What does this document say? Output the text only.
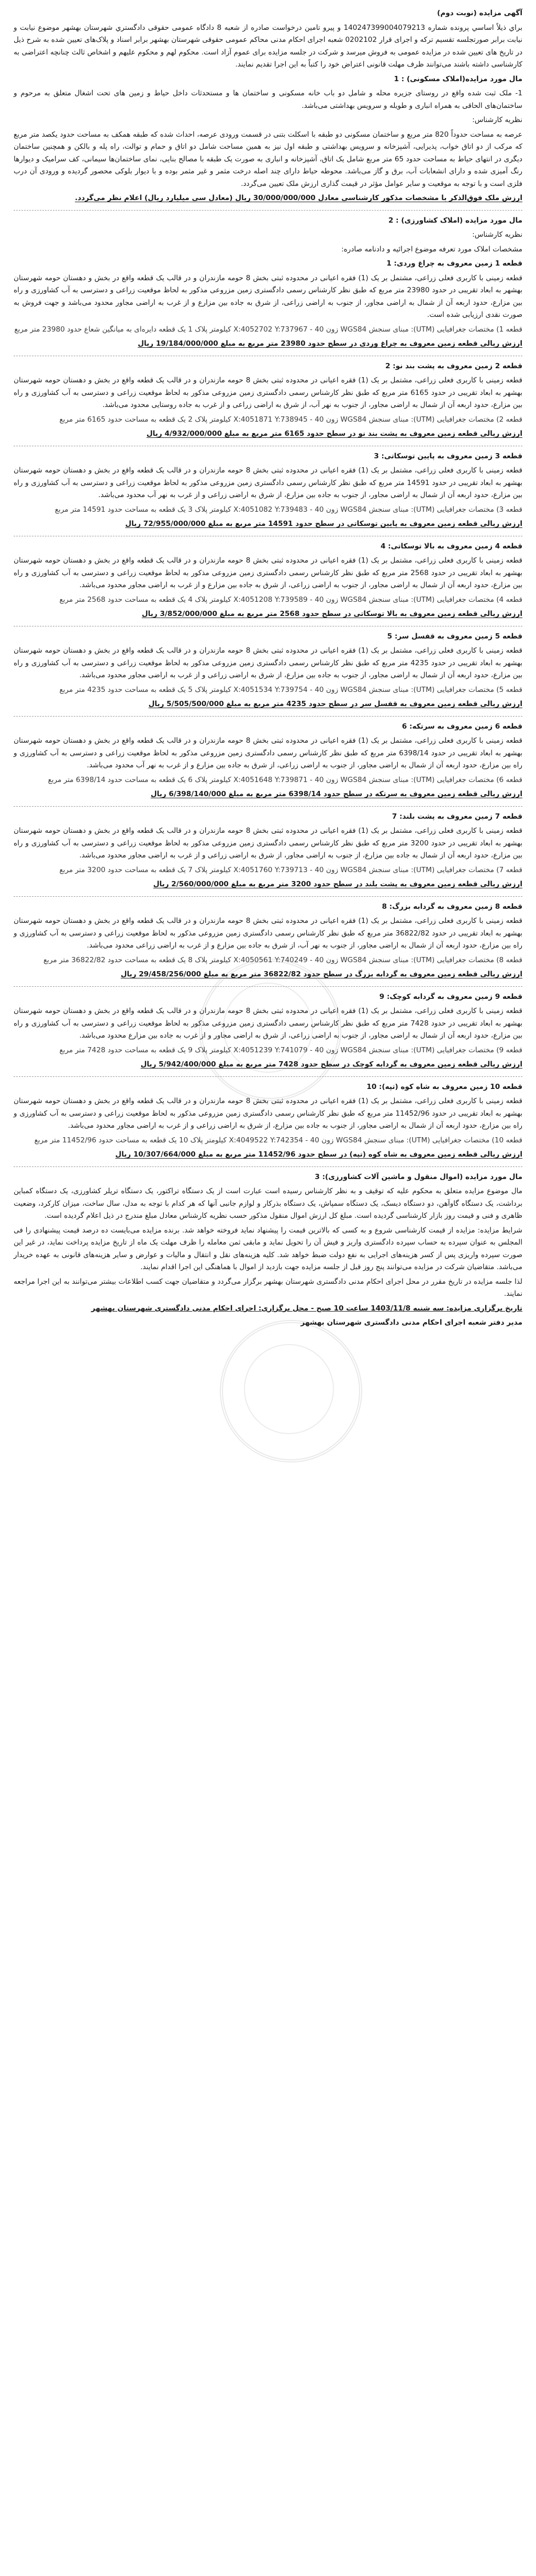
آگهی مزایده (نوبت دوم)

براي ذيلاً اساسي ‌پرونده شماره 140247399004079213 و پیرو تامین ‌درخواست ‌صادره از شعبه 8 دادگاه عمومی حقوقی دادگستري شهرستان بهشهر موضوع نیابت و نيابت برابر صورتجلسه تقسیم ترکه و اجرای قرار 0202102 شعبه اجرای احکام مدنی محاکم عمومی ‌حقوقی ‌شهرستان ‌بهشهر ‌برابر اسناد و پلاک‌های تعیین شده به شرح ذیل در تاریخ ‌های تعیین شده در مزایده ‌عمومی ‌به ‌فروش میرسد و شرکت در جلسه مزایده برای عموم آزاد است. محکوم لهم و محکوم علیهم و اشخاص ثالث چنانچه اعتراضی به کارشناسی داشته باشند می‌توانند ظرف مهلت قانونی اعتراض خود را کتباً به این اجرا تقدیم نمایند.

مال مورد مزایده(املاک مسکونی) : 1

1- ملک ثبت شده واقع در روستای جزیره محله و شامل دو باب خانه مسکونی و ساختمان ‌ها و مستحدثات داخل حیاط و زمین ‌های تحت اشغال متعلق به مرحوم و ساختمان‌های الحاقی به همراه ‌انباری ‌و ‌طویله و سرویس بهداشتی می‌باشد.

نظریه کارشناس:

عرصه به مساحت حدوداً 820 متر مربع و ساختمان مسکونی دو طبقه با اسکلت بتنی در قسمت ورودی عرصه، احداث شده که طبقه همکف به مساحت حدود یکصد متر مربع که مرکب از دو اتاق خواب، پذیرایی، آشپزخانه و سرویس بهداشتی و طبقه اول نیز به همین مساحت شامل دو اتاق و حمام و توالت، راه پله و بالکن و همچنین ساختمان دیگری در انتهای حیاط به مساحت حدود 65 متر مربع شامل یک اتاق، آشپزخانه و انباری به صورت یک طبقه با مصالح بنایی، نمای ساختمان‌ها سیمانی، کف سرامیک و دیوارها رنگ آمیزی شده و دارای انشعابات آب، برق و گاز می‌باشد. محوطه حیاط دارای چند اصله درخت مثمر و غیر مثمر بوده و با دیوار بلوکی محصور گردیده و ورودی آن درب فلزی است و با توجه به موقعیت و سایر عوامل مؤثر در قیمت گذاری ارزش ملک تعیین می‌گردد.

ارزش ملک فوق‌الذکر با مشخصات مذکور کارشناسی معادل 30/000/000/000 ریال (معادل سی میلیارد ریال) اعلام نظر می‌گردد.

مال مورد مزایده (املاک کشاورزی) : 2

نظریه کارشناس:

مشخصات املاک مورد تعرفه موضوع اجرائیه و دادنامه صادره:

قطعه 1 زمین معروف به چراغ وردی: 1

قطعه زمینی با کاربری فعلی زراعی، مشتمل بر یک (1) فقره اعیانی در محدوده ثبتی بخش 8 حومه مازندران و در قالب یک قطعه واقع در بخش و دهستان حومه شهرستان بهشهر به ابعاد تقریبی در حدود 23980 متر مربع که طبق نظر کارشناس رسمی دادگستری زمین مزروعی مذکور به لحاظ موقعیت زراعی و دسترسی به آب کشاورزی و راه بین مزارع، حدود اربعه آن از شمال به اراضی مجاور، از جنوب به اراضی زراعی، از شرق به جاده بین مزارع و از غرب به اراضی مجاور محدود می‌باشد و جهت فروش به صورت نقدی ارزیابی شده است.

قطعه 1) مختصات جغرافیایی (UTM): مبنای سنجش WGS84 زون 40 - X:4052702 Y:737967 کیلومتر پلاک 1 یک قطعه دایره‌ای به میانگین شعاع حدود 23980 متر مربع

ارزش ریالی قطعه زمین معروف به چراغ وردی در سطح حدود 23980 متر مربع به مبلغ 19/184/000/000 ریال

قطعه 2 زمین معروف به پشت بند نو: 2

قطعه زمینی با کاربری فعلی زراعی، مشتمل بر یک (1) فقره اعیانی در محدوده ثبتی بخش 8 حومه مازندران و در قالب یک قطعه واقع در بخش و دهستان حومه شهرستان بهشهر به ابعاد تقریبی در حدود 6165 متر مربع که طبق نظر کارشناس رسمی دادگستری زمین مزروعی مذکور به لحاظ موقعیت زراعی و دسترسی به آب کشاورزی و راه بین مزارع، حدود اربعه آن از شمال به اراضی مجاور، از جنوب به نهر آب، از شرق به اراضی زراعی و از غرب به جاده روستایی محدود می‌باشد.

قطعه 2) مختصات جغرافیایی (UTM): مبنای سنجش WGS84 زون 40 - X:4051871 Y:738945 کیلومتر پلاک 2 یک قطعه به مساحت حدود 6165 متر مربع

ارزش ریالی قطعه زمین معروف به پشت بند نو در سطح حدود 6165 متر مربع به مبلغ 4/932/000/000 ریال

قطعه 3 زمین معروف به پایین توسکاتی: 3

قطعه زمینی با کاربری فعلی زراعی، مشتمل بر یک (1) فقره اعیانی در محدوده ثبتی بخش 8 حومه مازندران و در قالب یک قطعه واقع در بخش و دهستان حومه شهرستان بهشهر به ابعاد تقریبی در حدود 14591 متر مربع که طبق نظر کارشناس رسمی دادگستری زمین مزروعی مذکور به لحاظ موقعیت زراعی و دسترسی به آب کشاورزی و راه بین مزارع، حدود اربعه آن از شمال به اراضی مجاور، از جنوب به جاده بین مزارع، از شرق به اراضی زراعی و از غرب به نهر آب محدود می‌باشد.

قطعه 3) مختصات جغرافیایی (UTM): مبنای سنجش WGS84 زون 40 - X:4051082 Y:739483 کیلومتر پلاک 3 یک قطعه به مساحت حدود 14591 متر مربع

ارزش ریالی قطعه زمین معروف به پایین توسکاتی در سطح حدود 14591 متر مربع به مبلغ 72/955/000/000 ریال

قطعه 4 زمین معروف به بالا توسکاتی: 4

قطعه زمینی با کاربری فعلی زراعی، مشتمل بر یک (1) فقره اعیانی در محدوده ثبتی بخش 8 حومه مازندران و در قالب یک قطعه واقع در بخش و دهستان حومه شهرستان بهشهر به ابعاد تقریبی در حدود 2568 متر مربع که طبق نظر کارشناس رسمی دادگستری زمین مزروعی مذکور به لحاظ موقعیت زراعی و دسترسی به آب کشاورزی و راه بین مزارع، حدود اربعه آن از شمال به اراضی مجاور، از جنوب به اراضی زراعی، از شرق به جاده بین مزارع و از غرب به اراضی مجاور محدود می‌باشد.

قطعه 4) مختصات جغرافیایی (UTM): مبنای سنجش WGS84 زون 40 - X:4051208 Y:739589 کیلومتر پلاک 4 یک قطعه به مساحت حدود 2568 متر مربع

ارزش ریالی قطعه زمین معروف به بالا توسکاتی در سطح حدود 2568 متر مربع به مبلغ 3/852/000/000 ریال

قطعه 5 زمین معروف به قفسل سر: 5

قطعه زمینی با کاربری فعلی زراعی، مشتمل بر یک (1) فقره اعیانی در محدوده ثبتی بخش 8 حومه مازندران و در قالب یک قطعه واقع در بخش و دهستان حومه شهرستان بهشهر به ابعاد تقریبی در حدود 4235 متر مربع که طبق نظر کارشناس رسمی دادگستری زمین مزروعی مذکور به لحاظ موقعیت زراعی و دسترسی به آب کشاورزی و راه بین مزارع، حدود اربعه آن از شمال به اراضی مجاور، از جنوب به جاده بین مزارع، از شرق به اراضی زراعی و از غرب به اراضی مجاور محدود می‌باشد.

قطعه 5) مختصات جغرافیایی (UTM): مبنای سنجش WGS84 زون 40 - X:4051534 Y:739754 کیلومتر پلاک 5 یک قطعه به مساحت حدود 4235 متر مربع

ارزش ریالی قطعه زمین معروف به قفسل سر در سطح حدود 4235 متر مربع به مبلغ 5/505/500/000 ریال

قطعه 6 زمین معروف به سرتکه: 6

قطعه زمینی با کاربری فعلی زراعی، مشتمل بر یک (1) فقره اعیانی در محدوده ثبتی بخش 8 حومه مازندران و در قالب یک قطعه واقع در بخش و دهستان حومه شهرستان بهشهر به ابعاد تقریبی در حدود 6398/14 متر مربع که طبق نظر کارشناس رسمی دادگستری زمین مزروعی مذکور به لحاظ موقعیت زراعی و دسترسی به آب کشاورزی و راه بین مزارع، حدود اربعه آن از شمال به اراضی مجاور، از جنوب به اراضی زراعی، از شرق به جاده بین مزارع و از غرب به نهر آب محدود می‌باشد.

قطعه 6) مختصات جغرافیایی (UTM): مبنای سنجش WGS84 زون 40 - X:4051648 Y:739871 کیلومتر پلاک 6 یک قطعه به مساحت حدود 6398/14 متر مربع

ارزش ریالی قطعه زمین معروف به سرتکه در سطح حدود 6398/14 متر مربع به مبلغ 6/398/140/000 ریال

قطعه 7 زمین معروف به پشت بلند: 7

قطعه زمینی با کاربری فعلی زراعی، مشتمل بر یک (1) فقره اعیانی در محدوده ثبتی بخش 8 حومه مازندران و در قالب یک قطعه واقع در بخش و دهستان حومه شهرستان بهشهر به ابعاد تقریبی در حدود 3200 متر مربع که طبق نظر کارشناس رسمی دادگستری زمین مزروعی مذکور به لحاظ موقعیت زراعی و دسترسی به آب کشاورزی و راه بین مزارع، حدود اربعه آن از شمال به جاده بین مزارع، از جنوب به اراضی مجاور، از شرق به اراضی زراعی و از غرب به اراضی مجاور محدود می‌باشد.

قطعه 7) مختصات جغرافیایی (UTM): مبنای سنجش WGS84 زون 40 - X:4051760 Y:739713 کیلومتر پلاک 7 یک قطعه به مساحت حدود 3200 متر مربع

ارزش ریالی قطعه زمین معروف به پشت بلند در سطح حدود 3200 متر مربع به مبلغ 2/560/000/000 ریال

قطعه 8 زمین معروف به گردابه بزرگ: 8

قطعه زمینی با کاربری فعلی زراعی، مشتمل بر یک (1) فقره اعیانی در محدوده ثبتی بخش 8 حومه مازندران و در قالب یک قطعه واقع در بخش و دهستان حومه شهرستان بهشهر به ابعاد تقریبی در حدود 36822/82 متر مربع که طبق نظر کارشناس رسمی دادگستری زمین مزروعی مذکور به لحاظ موقعیت زراعی و دسترسی به آب کشاورزی و راه بین مزارع، حدود اربعه آن از شمال به اراضی مجاور، از جنوب به نهر آب، از شرق به جاده بین مزارع و از غرب به اراضی زراعی محدود می‌باشد.

قطعه 8) مختصات جغرافیایی (UTM): مبنای سنجش WGS84 زون 40 - X:4050561 Y:740249 کیلومتر پلاک 8 یک قطعه به مساحت حدود 36822/82 متر مربع

ارزش ریالی قطعه زمین معروف به گردابه بزرگ در سطح حدود 36822/82 متر مربع به مبلغ 29/458/256/000 ریال

قطعه 9 زمین معروف به گردابه کوچک: 9

قطعه زمینی با کاربری فعلی زراعی، مشتمل بر یک (1) فقره اعیانی در محدوده ثبتی بخش 8 حومه مازندران و در قالب یک قطعه واقع در بخش و دهستان حومه شهرستان بهشهر به ابعاد تقریبی در حدود 7428 متر مربع که طبق نظر کارشناس رسمی دادگستری زمین مزروعی مذکور به لحاظ موقعیت زراعی و دسترسی به آب کشاورزی و راه بین مزارع، حدود اربعه آن از شمال به اراضی مجاور، از جنوب به اراضی زراعی، از شرق به اراضی مجاور و از غرب به جاده بین مزارع محدود می‌باشد.

قطعه 9) مختصات جغرافیایی (UTM): مبنای سنجش WGS84 زون 40 - X:4051239 Y:741079 کیلومتر پلاک 9 یک قطعه به مساحت حدود 7428 متر مربع

ارزش ریالی قطعه زمین معروف به گردابه کوچک در سطح حدود 7428 متر مربع به مبلغ 5/942/400/000 ریال

قطعه 10 زمین معروف به شاه کوه (تپه): 10

قطعه زمینی با کاربری فعلی زراعی، مشتمل بر یک (1) فقره اعیانی در محدوده ثبتی بخش 8 حومه مازندران و در قالب یک قطعه واقع در بخش و دهستان حومه شهرستان بهشهر به ابعاد تقریبی در حدود 11452/96 متر مربع که طبق نظر کارشناس رسمی دادگستری زمین مزروعی مذکور به لحاظ موقعیت زراعی و دسترسی به آب کشاورزی و راه بین مزارع، حدود اربعه آن از شمال به اراضی مجاور، از جنوب به جاده بین مزارع، از شرق به اراضی زراعی و از غرب به اراضی مجاور محدود می‌باشد.

قطعه 10) مختصات جغرافیایی (UTM): مبنای سنجش WGS84 زون 40 - X:4049522 Y:742354 کیلومتر پلاک 10 یک قطعه به مساحت حدود 11452/96 متر مربع

ارزش ریالی قطعه زمین معروف به شاه کوه (تپه) در سطح حدود 11452/96 متر مربع به مبلغ 10/307/664/000 ریال

مال مورد مزایده (اموال منقول و ماشین آلات کشاورزی): 3

مال موضوع مزایده متعلق به محکوم علیه که توقیف و به نظر کارشناس رسیده است عبارت است از یک دستگاه تراکتور، یک دستگاه تریلر کشاورزی، یک دستگاه کمباین برداشت، یک دستگاه گاوآهن، دو دستگاه دیسک، یک دستگاه سمپاش، یک دستگاه بذرکار و لوازم جانبی آنها که هر کدام با توجه به مدل، سال ساخت، میزان کارکرد، وضعیت ظاهری و فنی و قیمت روز بازار کارشناسی گردیده است. مبلغ کل ارزش اموال منقول مذکور حسب نظریه کارشناس معادل مبلغ مندرج در ذیل اعلام گردیده است.

شرایط مزایده: مزایده از قیمت کارشناسی شروع و به کسی که بالاترین قیمت را پیشنهاد نماید فروخته خواهد شد. برنده مزایده می‌بایست ده درصد قیمت پیشنهادی را فی المجلس به عنوان سپرده به حساب سپرده دادگستری واریز و فیش آن را تحویل نماید و مابقی ثمن معامله را ظرف مهلت یک ماه از تاریخ مزایده پرداخت نماید، در غیر این صورت سپرده واریزی پس از کسر هزینه‌های اجرایی به نفع دولت ضبط خواهد شد. کلیه هزینه‌های نقل و انتقال و مالیات و عوارض و سایر هزینه‌های قانونی به عهده خریدار می‌باشد. متقاضیان شرکت در مزایده می‌توانند پنج روز قبل از جلسه مزایده جهت بازدید از اموال با هماهنگی این اجرا اقدام نمایند.

لذا جلسه مزایده در تاریخ مقرر در محل اجرای احکام مدنی دادگستری شهرستان بهشهر برگزار می‌گردد و متقاضیان جهت کسب اطلاعات بیشتر می‌توانند به این اجرا مراجعه نمایند.

تاریخ برگزاری مزایده: سه شنبه 1403/11/8 ساعت 10 صبح - محل برگزاری: اجرای احکام مدنی دادگستری شهرستان بهشهر

مدیر دفتر شعبه اجرای احکام مدنی دادگستری شهرستان بهشهر
